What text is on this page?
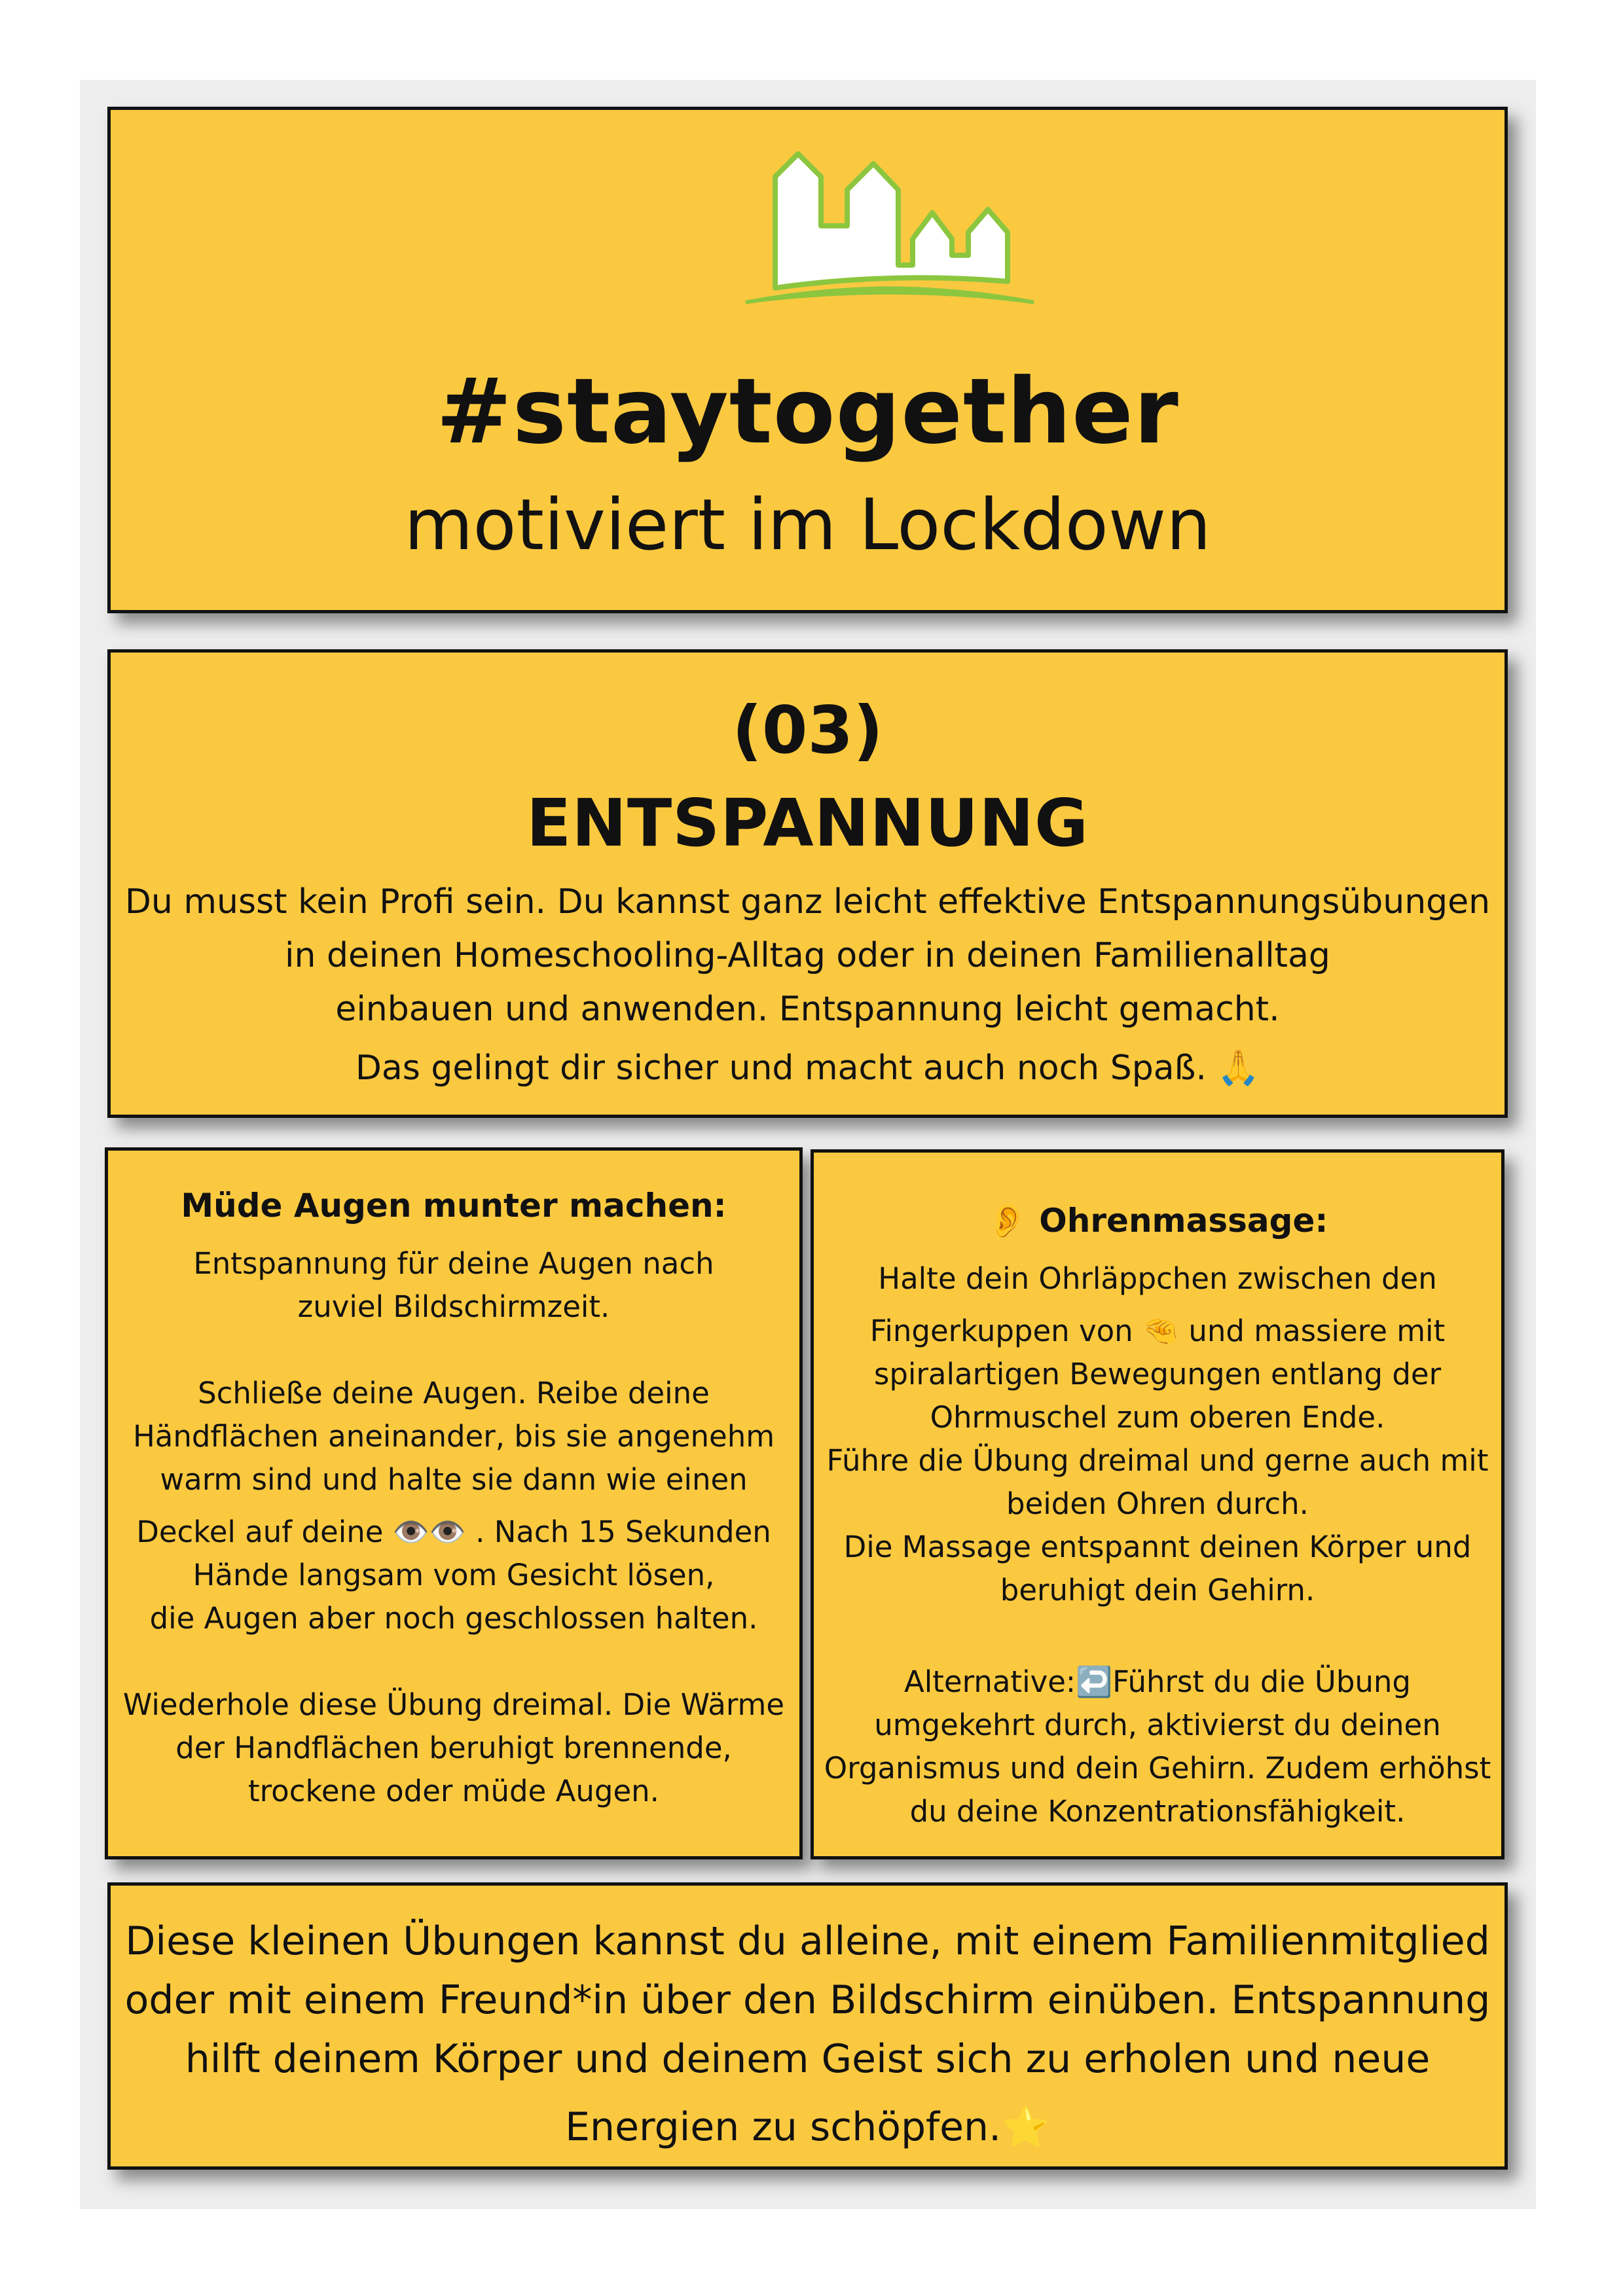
#staytogether
motiviert im Lockdown
(03)
ENTSPANNUNG
Du musst kein Profi sein. Du kannst ganz leicht effektive Entspannungsübungen
in deinen Homeschooling-Alltag oder in deinen Familienalltag
einbauen und anwenden. Entspannung leicht gemacht.
Das gelingt dir sicher und macht auch noch Spaß. 🙏
Müde Augen munter machen:
Entspannung für deine Augen nach
zuviel Bildschirmzeit.
Schließe deine Augen. Reibe deine
Händflächen aneinander, bis sie angenehm
warm sind und halte sie dann wie einen
Deckel auf deine 👁️👁️ . Nach 15 Sekunden
Hände langsam vom Gesicht lösen,
die Augen aber noch geschlossen halten.
Wiederhole diese Übung dreimal. Die Wärme
der Handflächen beruhigt brennende,
trockene oder müde Augen.
👂 Ohrenmassage:
Halte dein Ohrläppchen zwischen den
Fingerkuppen von 🤏 und massiere mit
spiralartigen Bewegungen entlang der
Ohrmuschel zum oberen Ende.
Führe die Übung dreimal und gerne auch mit
beiden Ohren durch.
Die Massage entspannt deinen Körper und
beruhigt dein Gehirn.
Alternative:↩️Führst du die Übung
umgekehrt durch, aktivierst du deinen
Organismus und dein Gehirn. Zudem erhöhst
du deine Konzentrationsfähigkeit.
Diese kleinen Übungen kannst du alleine, mit einem Familienmitglied
oder mit einem Freund*in über den Bildschirm einüben. Entspannung
hilft deinem Körper und deinem Geist sich zu erholen und neue
Energien zu schöpfen.⭐
